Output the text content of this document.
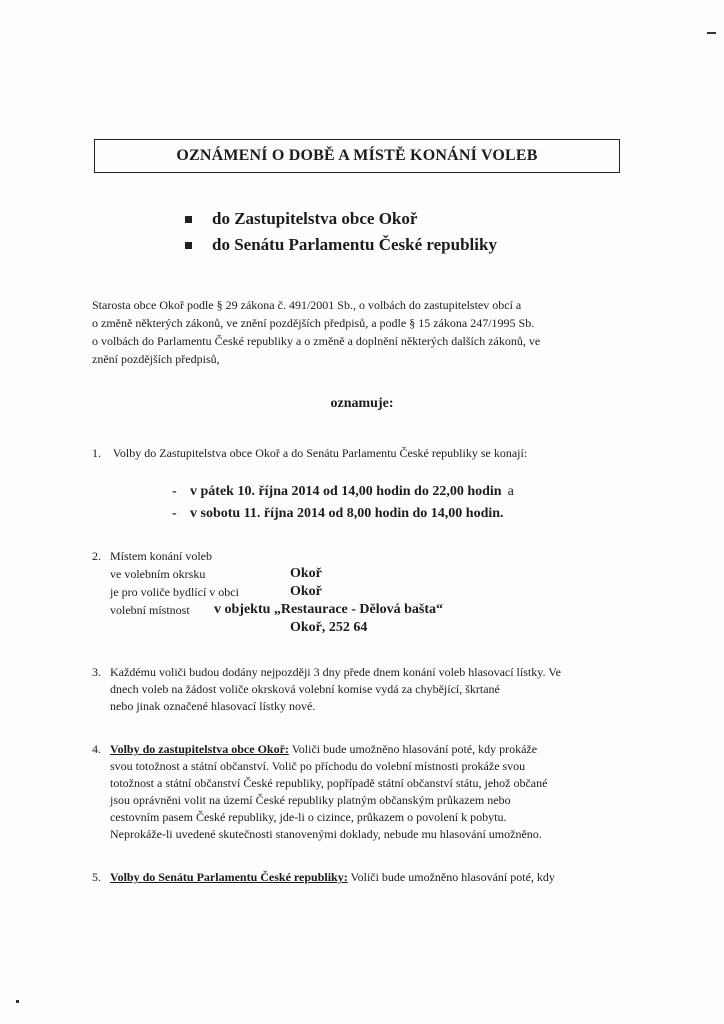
OZNÁMENÍ O DOBĚ A MÍSTĚ KONÁNÍ VOLEB
do Zastupitelstva obce Okoř
do Senátu Parlamentu České republiky
Starosta obce Okoř podle § 29 zákona č. 491/2001 Sb., o volbách do zastupitelstev obcí a
o změně některých zákonů, ve znění pozdějších předpisů, a podle § 15 zákona 247/1995 Sb.
o volbách do Parlamentu České republiky a o změně a doplnění některých dalších zákonů, ve
znění pozdějších předpisů,
oznamuje:
1. Volby do Zastupitelstva obce Okoř a do Senátu Parlamentu České republiky se konají:
- v pátek 10. října 2014 od 14,00 hodin do 22,00 hodin a
- v sobotu 11. října 2014 od 8,00 hodin do 14,00 hodin.
2. Místem konání voleb
ve volebním okrsku	Okoř
je pro voliče bydlící v obci	Okoř
volební místnost	v objektu „Restaurace - Dělová bašta“
Okoř, 252 64
3. Každému voliči budou dodány nejpozději 3 dny přede dnem konání voleb hlasovací lístky. Ve
dnech voleb na žádost voliče okrsková volební komise vydá za chybějící, škrtané
nebo jinak označené hlasovací lístky nové.
4. Volby do zastupitelstva obce Okoř: Voliči bude umožněno hlasování poté, kdy prokáže
svou totožnost a státní občanství. Volič po příchodu do volební místnosti prokáže svou
totožnost a státní občanství České republiky, popřípadě státní občanství státu, jehož občané
jsou oprávněni volit na území České republiky platným občanským průkazem nebo
cestovním pasem České republiky, jde-li o cizince, průkazem o povolení k pobytu.
Neprokáže-li uvedené skutečnosti stanovenými doklady, nebude mu hlasování umožněno.
5. Volby do Senátu Parlamentu České republiky: Voliči bude umožněno hlasování poté, kdy
